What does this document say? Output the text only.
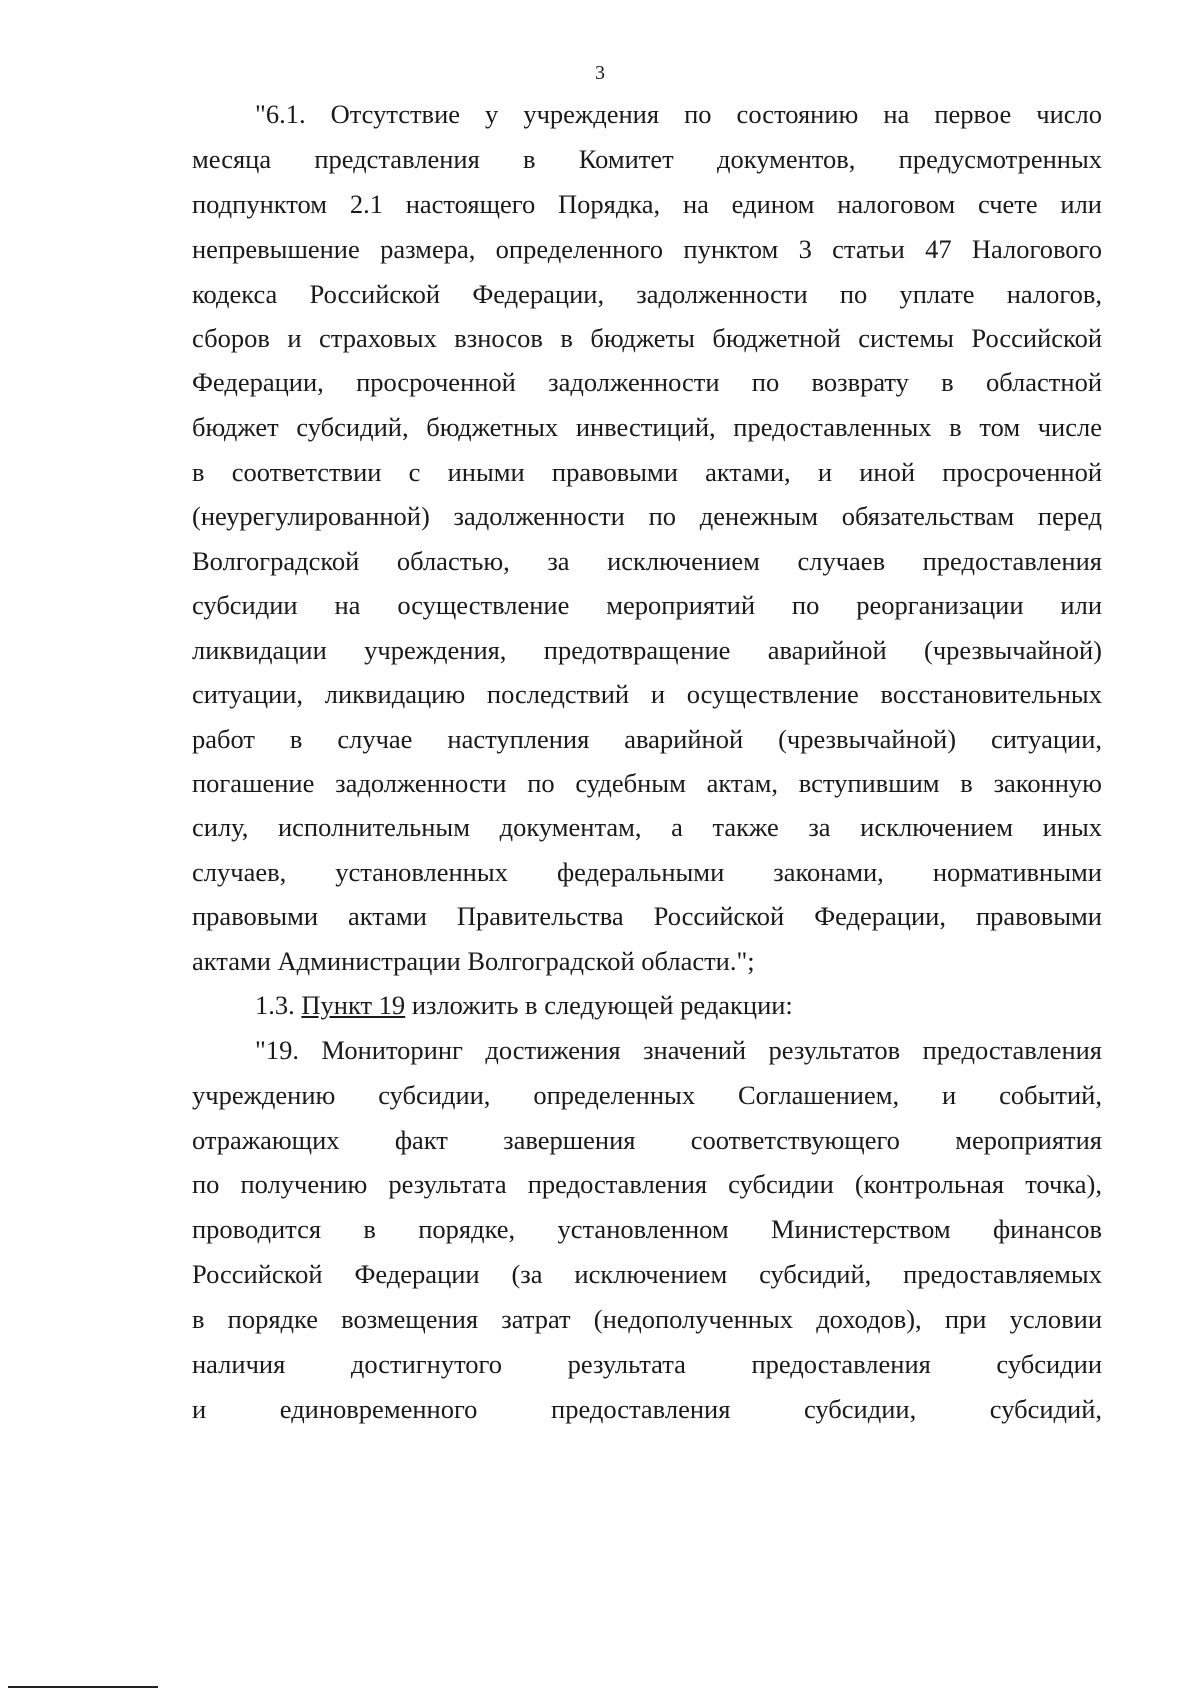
3
"6.1. Отсутствие у учреждения по состоянию на первое число
месяца представления в Комитет документов, предусмотренных
подпунктом 2.1 настоящего Порядка, на едином налоговом счете или
непревышение размера, определенного пунктом 3 статьи 47 Налогового
кодекса Российской Федерации, задолженности по уплате налогов,
сборов и страховых взносов в бюджеты бюджетной системы Российской
Федерации, просроченной задолженности по возврату в областной
бюджет субсидий, бюджетных инвестиций, предоставленных в том числе
в соответствии с иными правовыми актами, и иной просроченной
(неурегулированной) задолженности по денежным обязательствам перед
Волгоградской областью, за исключением случаев предоставления
субсидии на осуществление мероприятий по реорганизации или
ликвидации учреждения, предотвращение аварийной (чрезвычайной)
ситуации, ликвидацию последствий и осуществление восстановительных
работ в случае наступления аварийной (чрезвычайной) ситуации,
погашение задолженности по судебным актам, вступившим в законную
силу, исполнительным документам, а также за исключением иных
случаев, установленных федеральными законами, нормативными
правовыми актами Правительства Российской Федерации, правовыми
актами Администрации Волгоградской области.";
1.3. Пункт 19 изложить в следующей редакции:
"19. Мониторинг достижения значений результатов предоставления
учреждению субсидии, определенных Соглашением, и событий,
отражающих факт завершения соответствующего мероприятия
по получению результата предоставления субсидии (контрольная точка),
проводится в порядке, установленном Министерством финансов
Российской Федерации (за исключением субсидий, предоставляемых
в порядке возмещения затрат (недополученных доходов), при условии
наличия достигнутого результата предоставления субсидии
и единовременного предоставления субсидии, субсидий,
